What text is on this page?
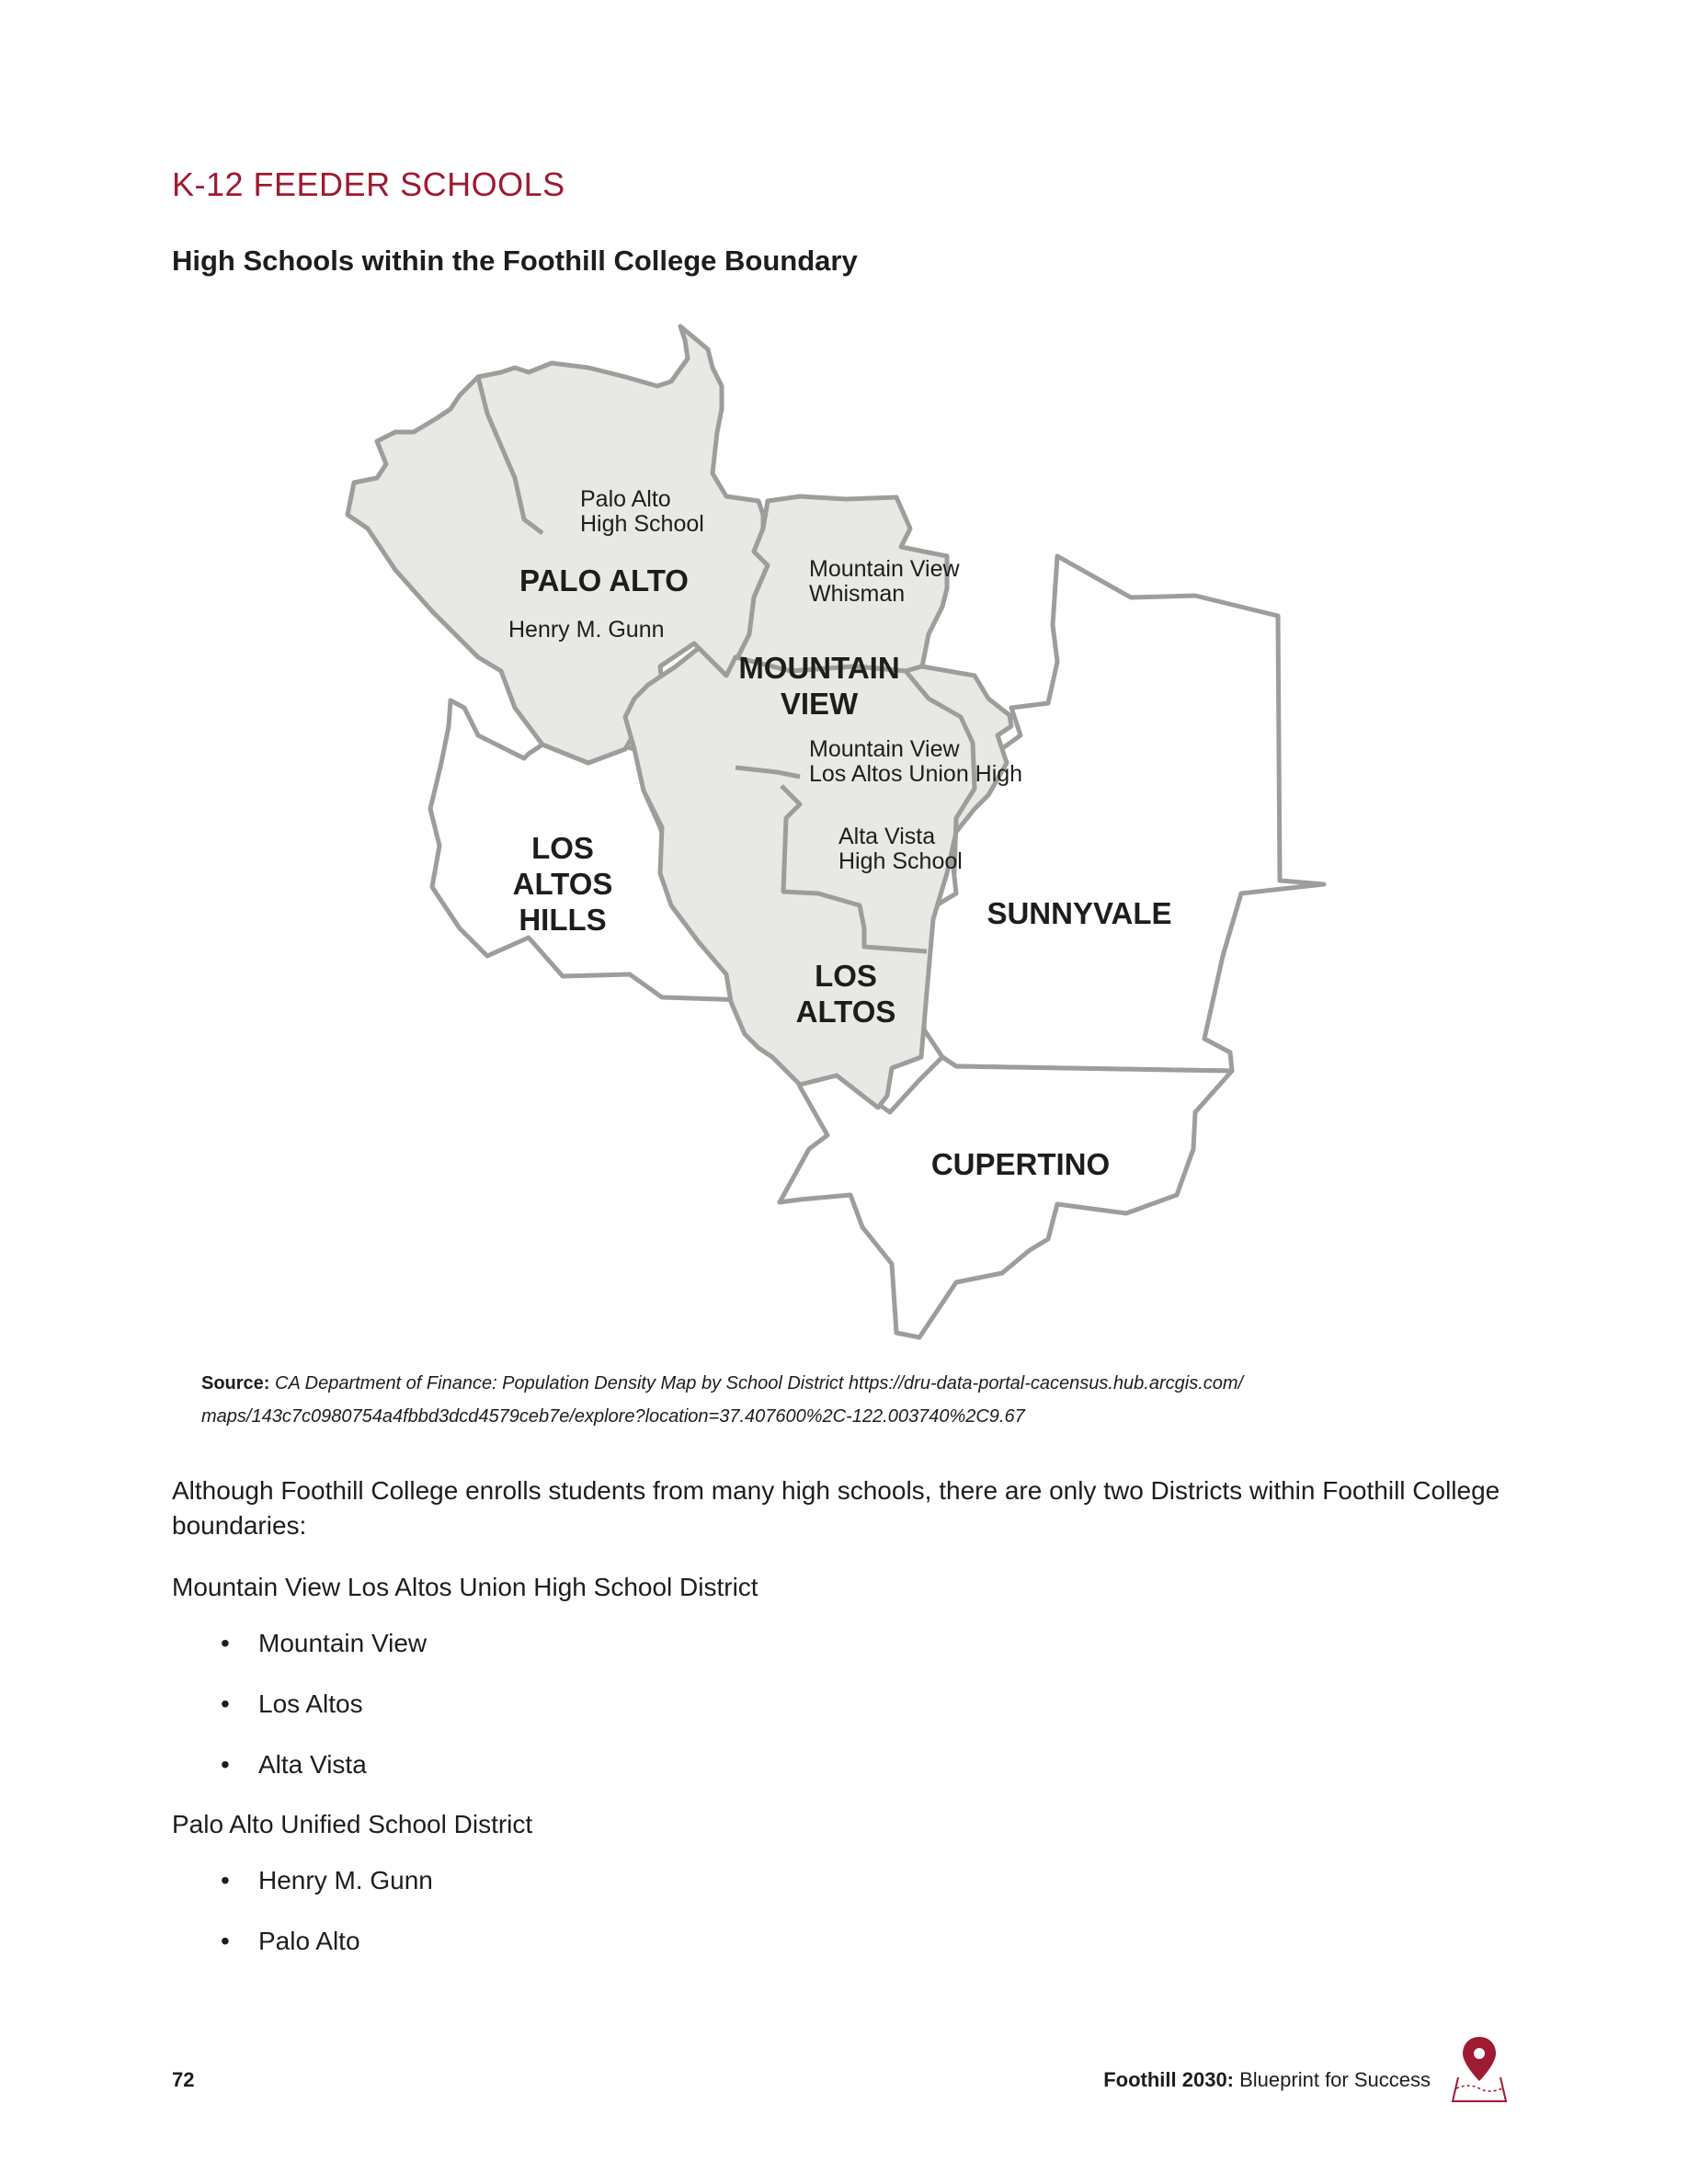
K-12 FEEDER SCHOOLS
High Schools within the Foothill College Boundary
PALO ALTO
MOUNTAIN
VIEW
LOS
ALTOS
HILLS
LOS
ALTOS
SUNNYVALE
CUPERTINO
Palo Alto
High School
Henry M. Gunn
Mountain View
Whisman
Mountain View
Los Altos Union High
Alta Vista
High School

Source: CA Department of Finance: Population Density Map by School District https://dru-data-portal-cacensus.hub.arcgis.com/ maps/143c7c0980754a4fbbd3dcd4579ceb7e/explore?location=37.407600%2C-122.003740%2C9.67

Although Foothill College enrolls students from many high schools, there are only two Districts within Foothill College boundaries:

Mountain View Los Altos Union High School District

• Mountain View
• Los Altos
• Alta Vista

Palo Alto Unified School District

• Henry M. Gunn
• Palo Alto
72	Foothill 2030: Blueprint for Success
